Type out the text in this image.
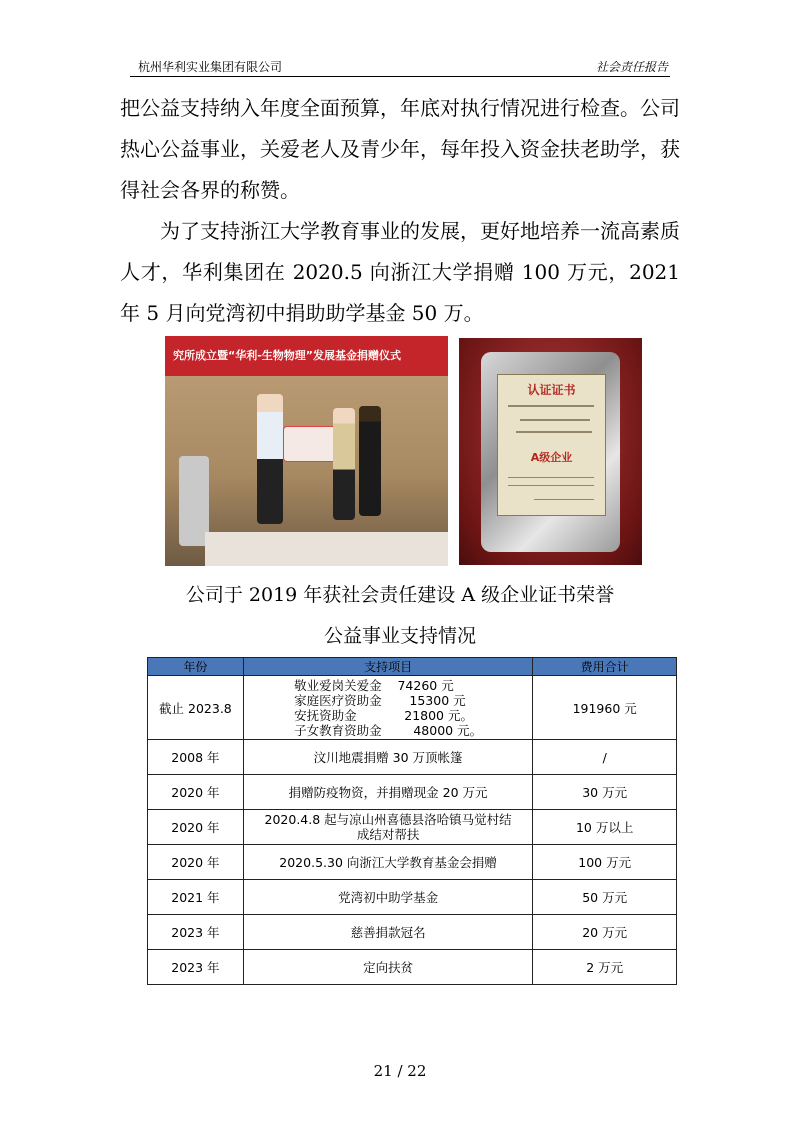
杭州华利实业集团有限公司	社会责任报告

把公益支持纳入年度全面预算，年底对执行情况进行检查。公司热心公益事业，关爱老人及青少年，每年投入资金扶老助学，获得社会各界的称赞。

为了支持浙江大学教育事业的发展，更好地培养一流高素质人才，华利集团在 2020.5 向浙江大学捐赠 100 万元，2021 年 5 月向党湾初中捐助助学基金 50 万。

究所成立暨“华利-生物物理”发展基金捐赠仪式
认证证书
A级企业
公司于 2019 年获社会责任建设 A 级企业证书荣誉
公益事业支持情况
年份	支持项目	费用合计
截止 2023.8	敬业爱岗关爱金    74260 元
家庭医疗资助金       15300 元
安抚资助金            21800 元。
子女教育资助金        48000 元。	191960 元
2008 年	汶川地震捐赠 30 万顶帐篷	/
2020 年	捐赠防疫物资，并捐赠现金 20 万元	30 万元
2020 年	2020.4.8 起与凉山州喜德县洛哈镇马觉村结
成结对帮扶	10 万以上
2020 年	2020.5.30 向浙江大学教育基金会捐赠	100 万元
2021 年	党湾初中助学基金	50 万元
2023 年	慈善捐款冠名	20 万元
2023 年	定向扶贫	2 万元
21 / 22
